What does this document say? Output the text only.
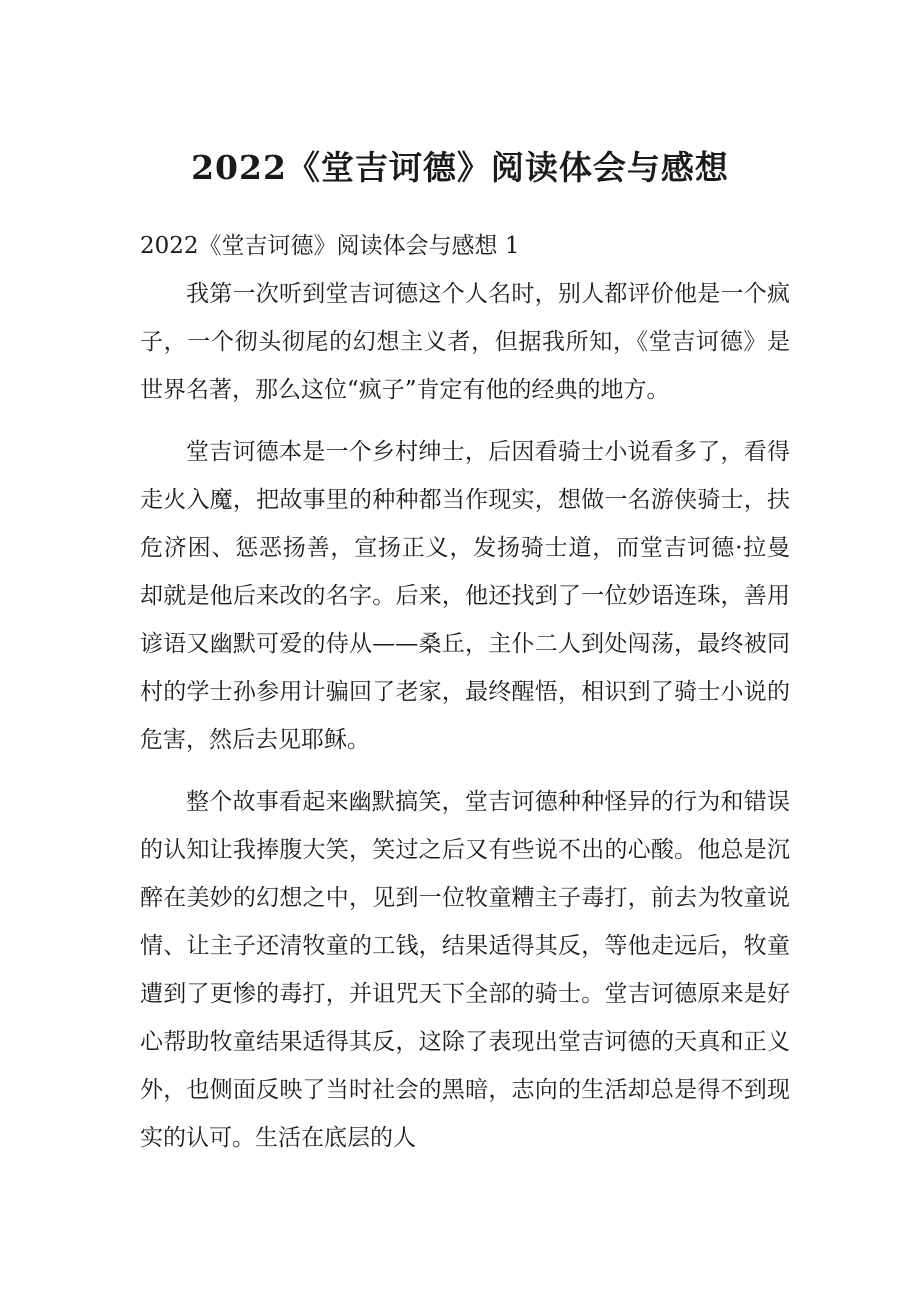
2022《堂吉诃德》阅读体会与感想

2022《堂吉诃德》阅读体会与感想 1

我第一次听到堂吉诃德这个人名时，别人都评价他是一个疯子，一个彻头彻尾的幻想主义者，但据我所知，《堂吉诃德》是世界名著，那么这位“疯子”肯定有他的经典的地方。

堂吉诃德本是一个乡村绅士，后因看骑士小说看多了，看得走火入魔，把故事里的种种都当作现实，想做一名游侠骑士，扶危济困、惩恶扬善，宣扬正义，发扬骑士道，而堂吉诃德·拉曼却就是他后来改的名字。后来，他还找到了一位妙语连珠，善用谚语又幽默可爱的侍从——桑丘，主仆二人到处闯荡，最终被同村的学士孙参用计骗回了老家，最终醒悟，相识到了骑士小说的危害，然后去见耶稣。

整个故事看起来幽默搞笑，堂吉诃德种种怪异的行为和错误的认知让我捧腹大笑，笑过之后又有些说不出的心酸。他总是沉醉在美妙的幻想之中，见到一位牧童糟主子毒打，前去为牧童说情、让主子还清牧童的工钱，结果适得其反，等他走远后，牧童遭到了更惨的毒打，并诅咒天下全部的骑士。堂吉诃德原来是好心帮助牧童结果适得其反，这除了表现出堂吉诃德的天真和正义外，也侧面反映了当时社会的黑暗，志向的生活却总是得不到现实的认可。生活在底层的人
